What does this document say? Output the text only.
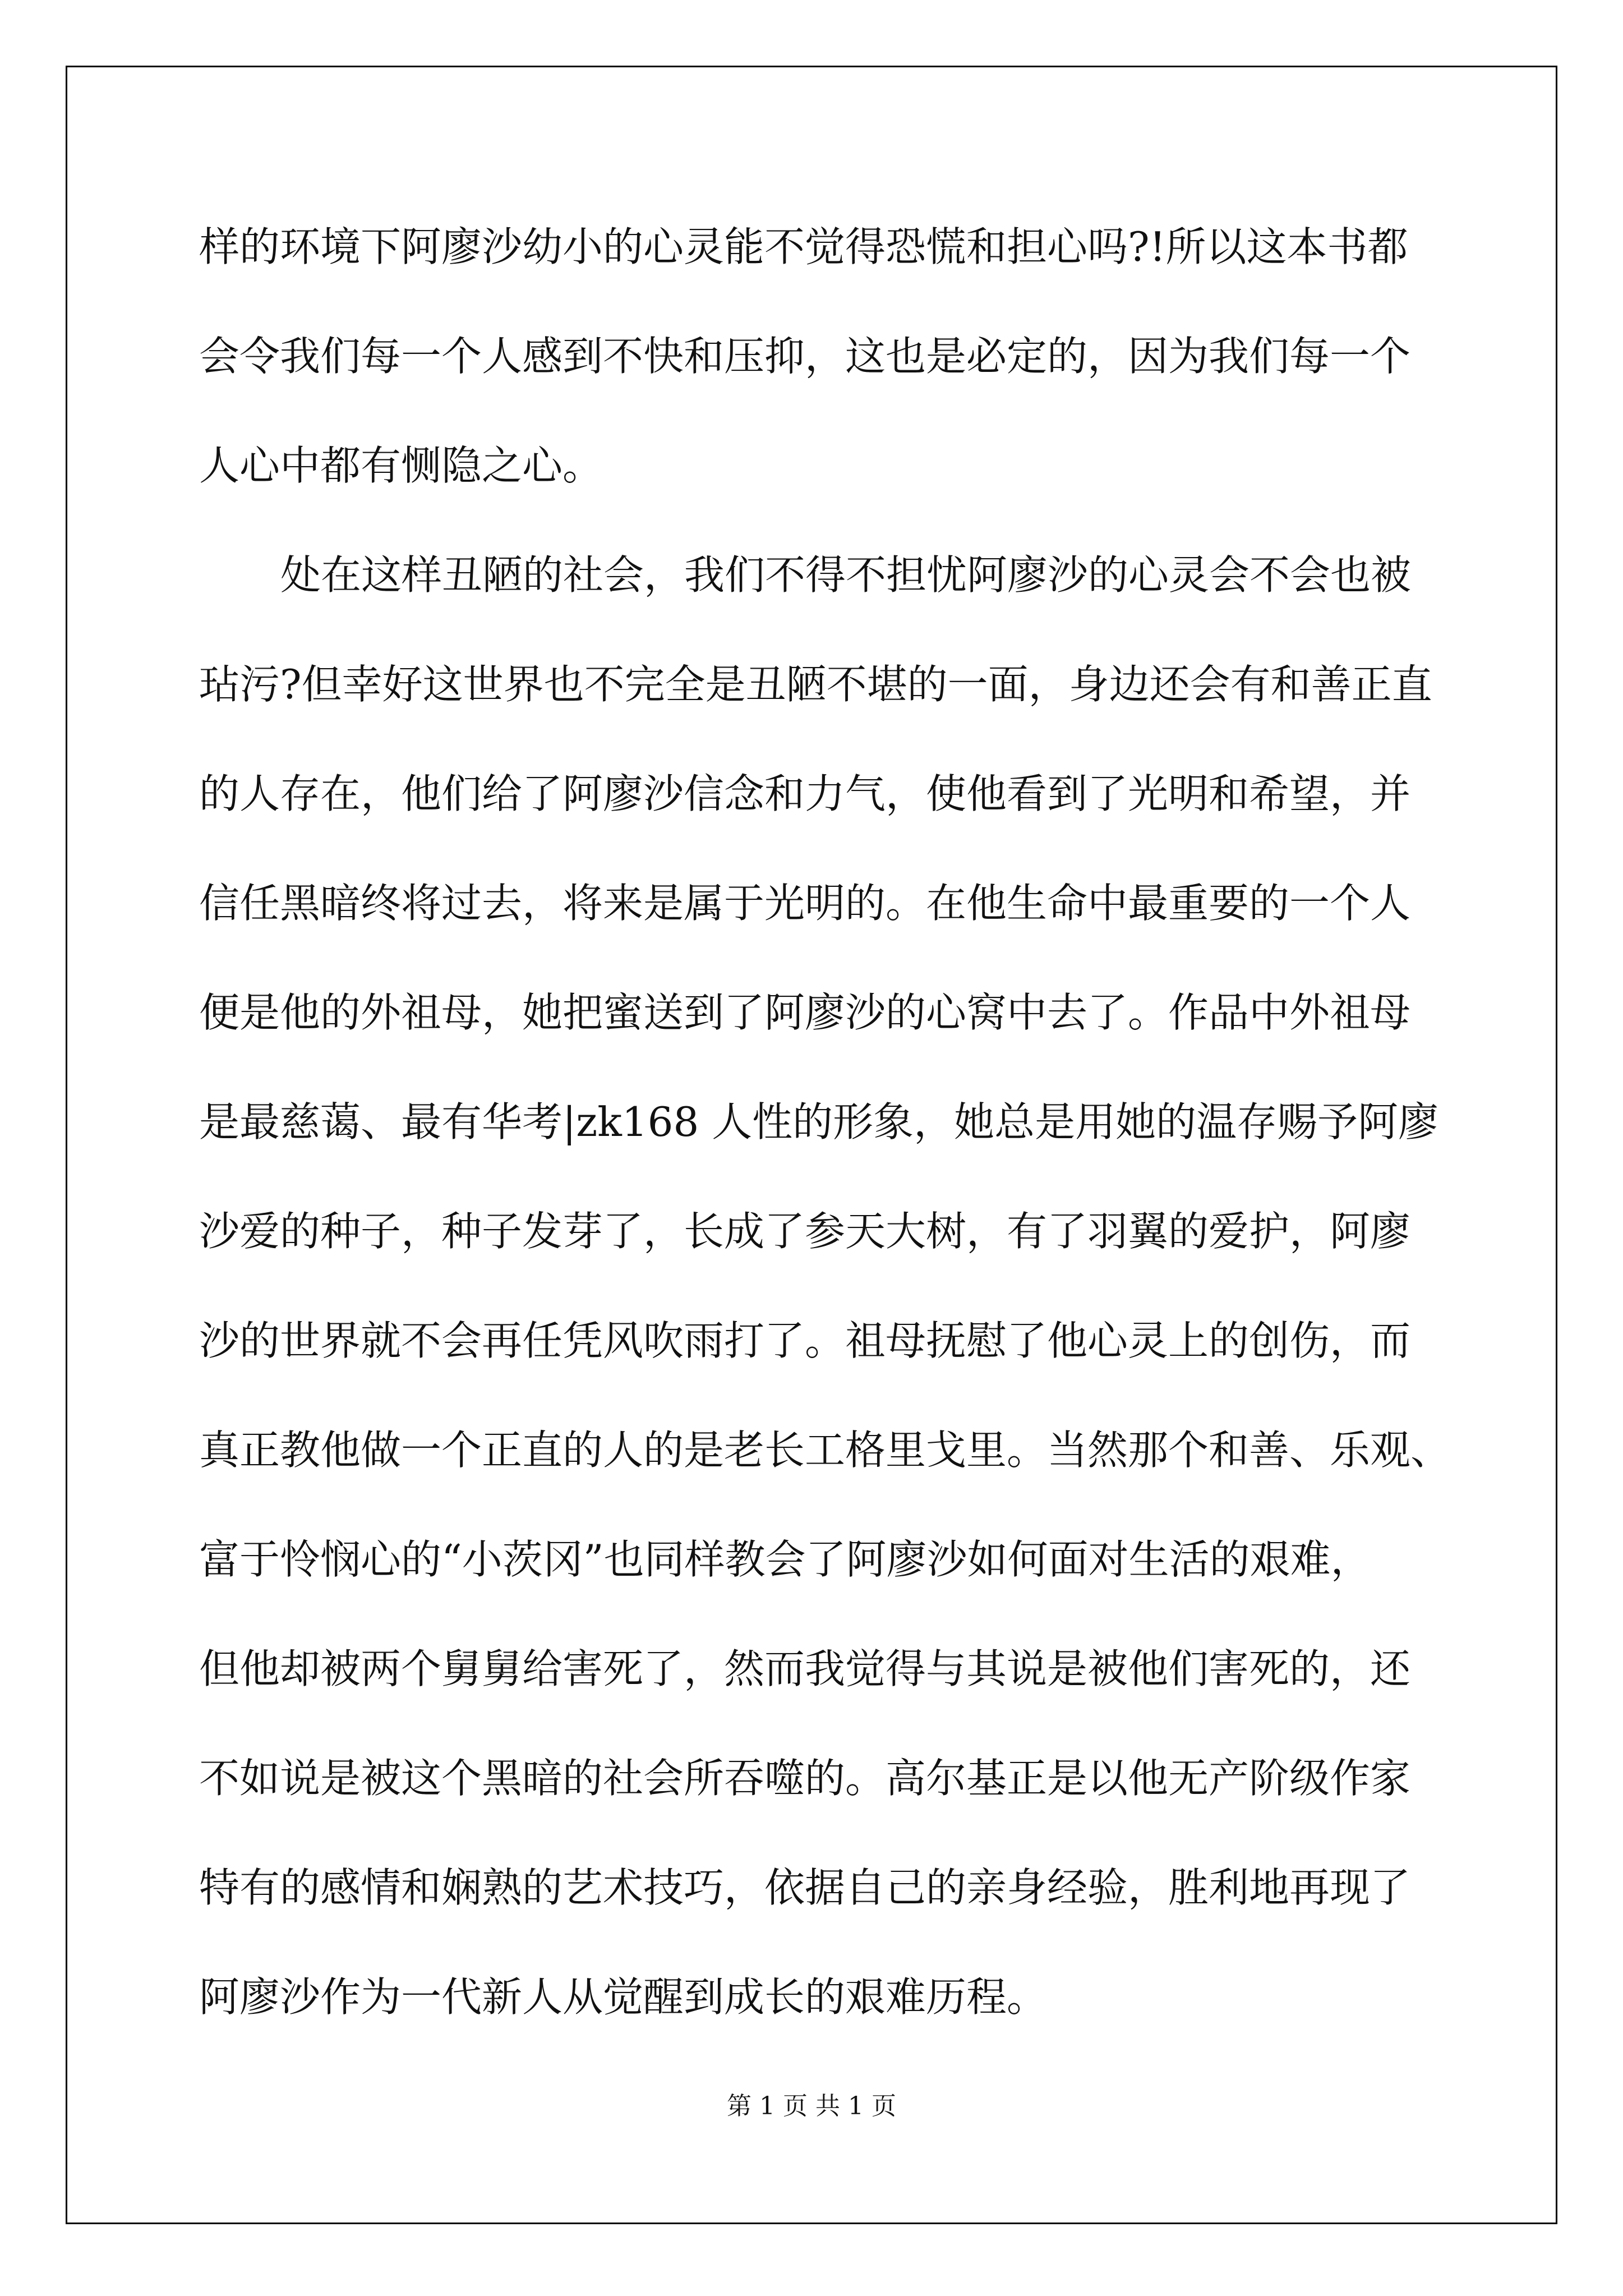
样的环境下阿廖沙幼小的心灵能不觉得恐慌和担心吗?!所以这本书都
会令我们每一个人感到不快和压抑，这也是必定的，因为我们每一个
人心中都有恻隐之心。
处在这样丑陋的社会，我们不得不担忧阿廖沙的心灵会不会也被
玷污?但幸好这世界也不完全是丑陋不堪的一面，身边还会有和善正直
的人存在，他们给了阿廖沙信念和力气，使他看到了光明和希望，并
信任黑暗终将过去，将来是属于光明的。在他生命中最重要的一个人
便是他的外祖母，她把蜜送到了阿廖沙的心窝中去了。作品中外祖母
是最慈蔼、最有华考|zk168 人性的形象，她总是用她的温存赐予阿廖
沙爱的种子，种子发芽了，长成了参天大树，有了羽翼的爱护，阿廖
沙的世界就不会再任凭风吹雨打了。祖母抚慰了他心灵上的创伤，而
真正教他做一个正直的人的是老长工格里戈里。当然那个和善、乐观、
富于怜悯心的“小茨冈”也同样教会了阿廖沙如何面对生活的艰难，
但他却被两个舅舅给害死了，然而我觉得与其说是被他们害死的，还
不如说是被这个黑暗的社会所吞噬的。高尔基正是以他无产阶级作家
特有的感情和娴熟的艺术技巧，依据自己的亲身经验，胜利地再现了
阿廖沙作为一代新人从觉醒到成长的艰难历程。
第 1 页 共 1 页
